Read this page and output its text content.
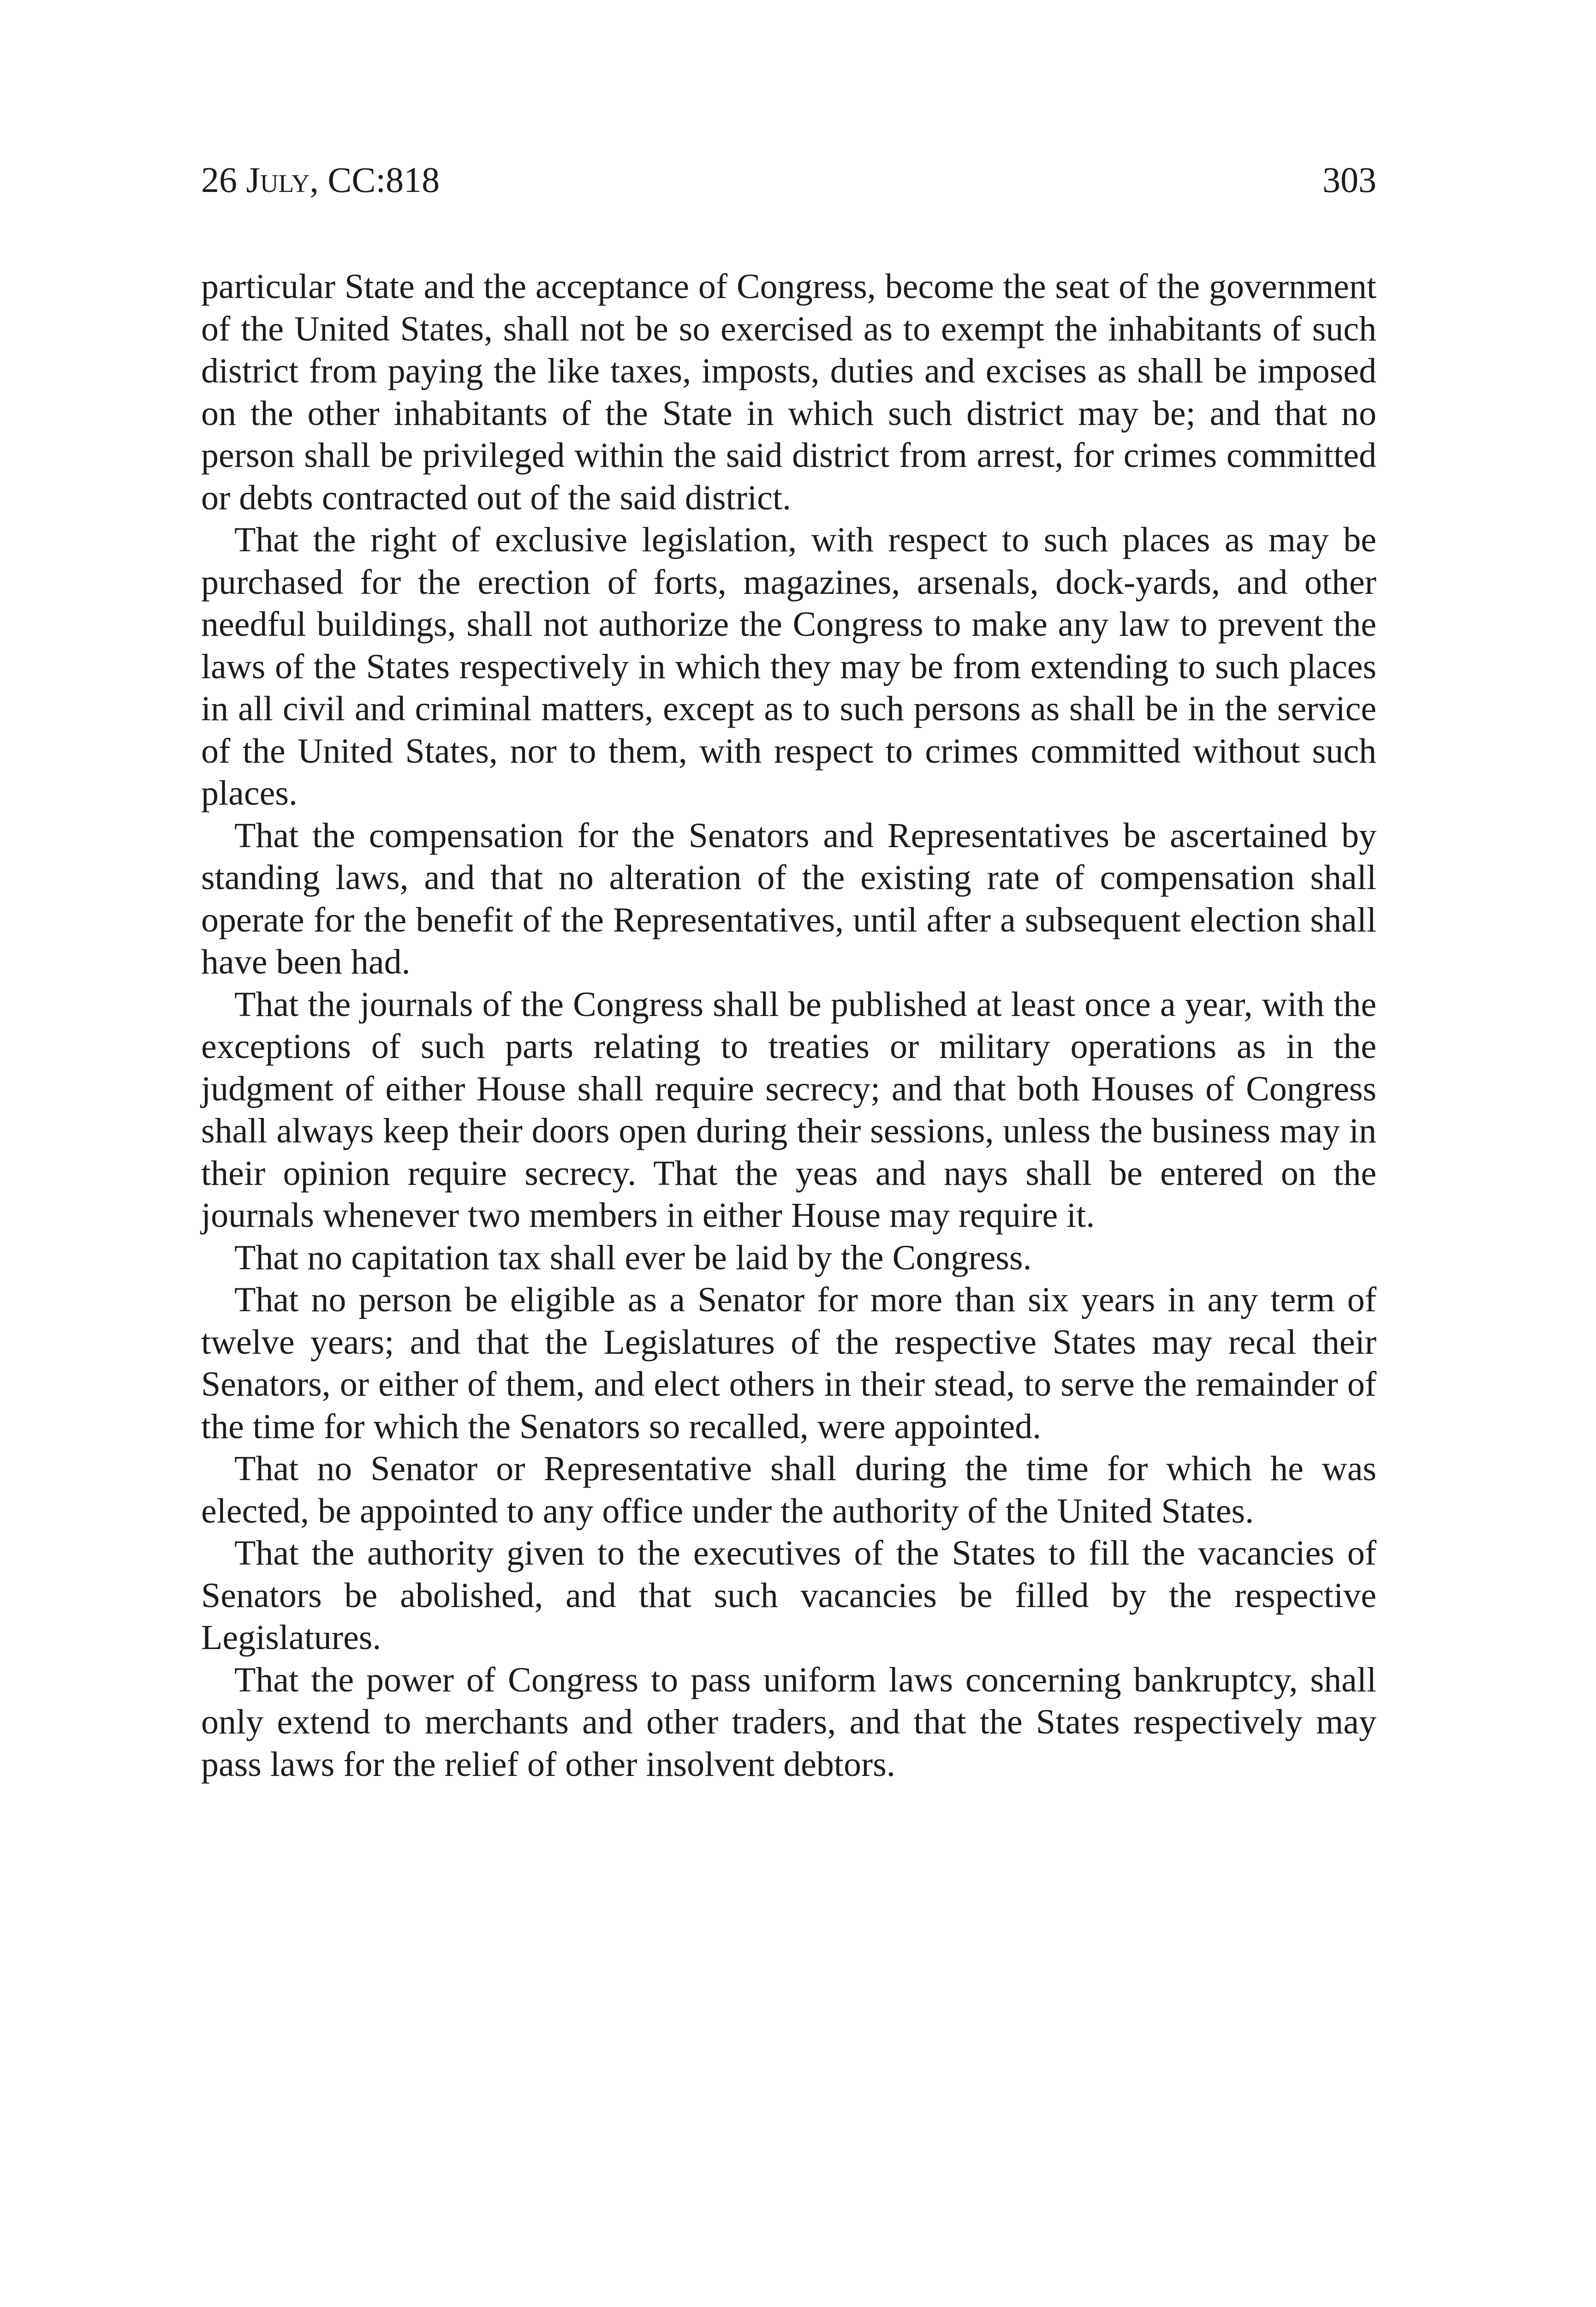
26 July, CC:818	303

particular State and the acceptance of Congress, become the seat of the government of the United States, shall not be so exercised as to exempt the inhabitants of such district from paying the like taxes, imposts, duties and excises as shall be imposed on the other inhabitants of the State in which such district may be; and that no person shall be privileged within the said district from arrest, for crimes committed or debts contracted out of the said district.

That the right of exclusive legislation, with respect to such places as may be purchased for the erection of forts, magazines, arsenals, dock-yards, and other needful buildings, shall not authorize the Congress to make any law to prevent the laws of the States respectively in which they may be from extending to such places in all civil and criminal matters, except as to such persons as shall be in the service of the United States, nor to them, with respect to crimes committed without such places.

That the compensation for the Senators and Representatives be ascertained by standing laws, and that no alteration of the existing rate of compensation shall operate for the benefit of the Representatives, until after a subsequent election shall have been had.

That the journals of the Congress shall be published at least once a year, with the exceptions of such parts relating to treaties or military operations as in the judgment of either House shall require secrecy; and that both Houses of Congress shall always keep their doors open during their sessions, unless the business may in their opinion require secrecy. That the yeas and nays shall be entered on the journals whenever two members in either House may require it.

That no capitation tax shall ever be laid by the Congress.

That no person be eligible as a Senator for more than six years in any term of twelve years; and that the Legislatures of the respective States may recal their Senators, or either of them, and elect others in their stead, to serve the remainder of the time for which the Senators so recalled, were appointed.

That no Senator or Representative shall during the time for which he was elected, be appointed to any office under the authority of the United States.

That the authority given to the executives of the States to fill the vacancies of Senators be abolished, and that such vacancies be filled by the respective Legislatures.

That the power of Congress to pass uniform laws concerning bankruptcy, shall only extend to merchants and other traders, and that the States respectively may pass laws for the relief of other insolvent debtors.
